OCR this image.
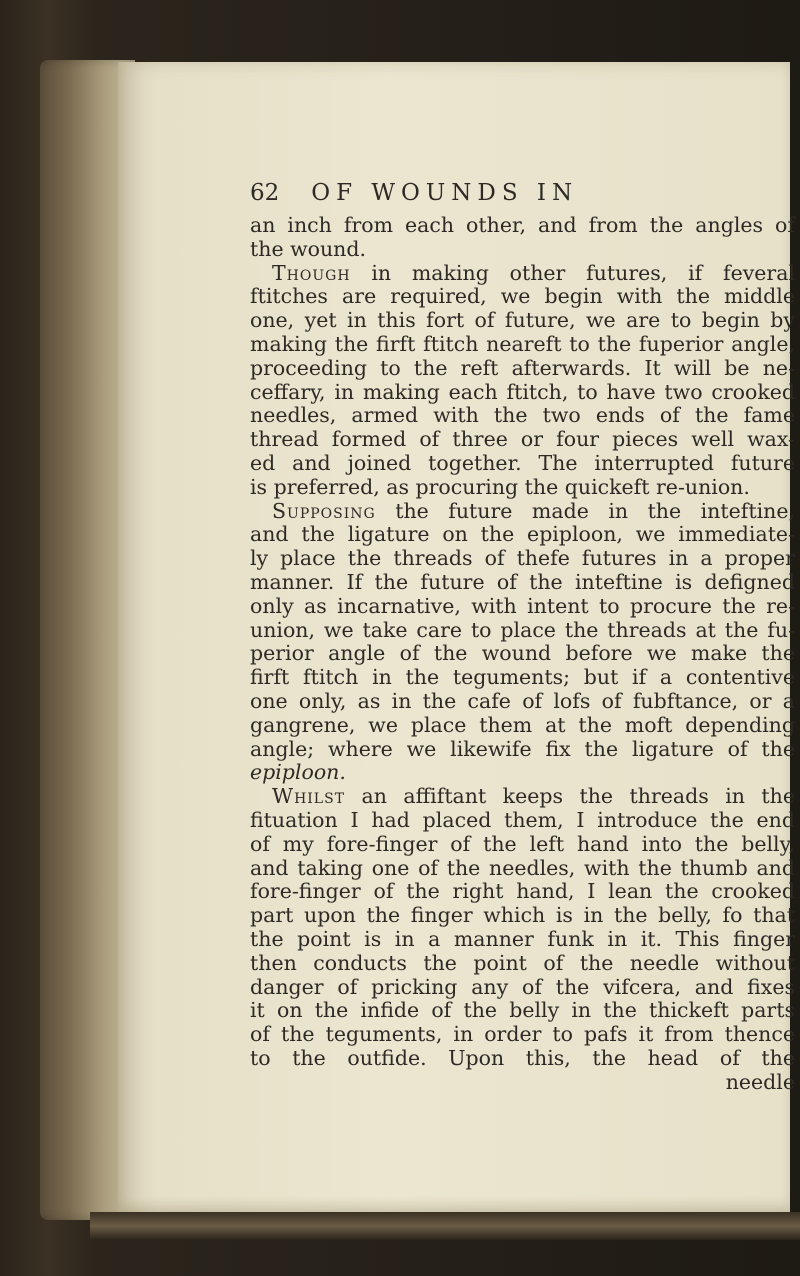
62 OF WOUNDS IN
an inch from each other, and from the angles of
the wound.
Though in making other futures, if feveral
ftitches are required, we begin with the middle
one, yet in this fort of future, we are to begin by
making the firft ftitch neareft to the fuperior angle,
proceeding to the reft afterwards. It will be ne-
ceffary, in making each ftitch, to have two crooked
needles, armed with the two ends of the fame
thread formed of three or four pieces well wax-
ed and joined together. The interrupted future
is preferred, as procuring the quickeft re-union.
Supposing the future made in the inteftine,
and the ligature on the epiploon, we immediate-
ly place the threads of thefe futures in a proper
manner. If the future of the inteftine is defigned
only as incarnative, with intent to procure the re-
union, we take care to place the threads at the fu-
perior angle of the wound before we make the
firft ftitch in the teguments; but if a contentive
one only, as in the cafe of lofs of fubftance, or a
gangrene, we place them at the moft depending
angle; where we likewife fix the ligature of the
epiploon.
Whilst an affiftant keeps the threads in the
fituation I had placed them, I introduce the end
of my fore-finger of the left hand into the belly,
and taking one of the needles, with the thumb and
fore-finger of the right hand, I lean the crooked
part upon the finger which is in the belly, fo that
the point is in a manner funk in it. This finger
then conducts the point of the needle without
danger of pricking any of the vifcera, and fixes
it on the infide of the belly in the thickeft parts
of the teguments, in order to pafs it from thence
to the outfide. Upon this, the head of the
needle
